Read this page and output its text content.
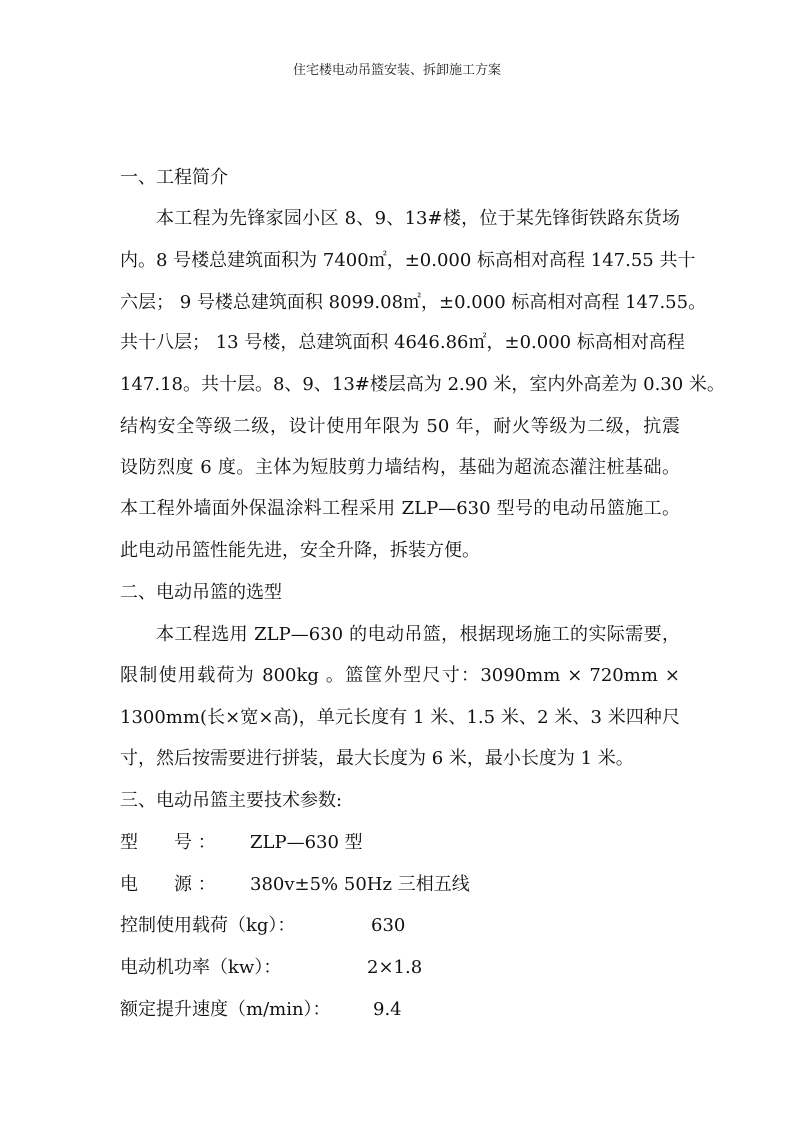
住宅楼电动吊篮安装、拆卸施工方案
一、工程简介
本工程为先锋家园小区 8、9、13#楼，位于某先锋街铁路东货场
内。8 号楼总建筑面积为 7400㎡，±0.000 标高相对高程 147.55 共十
六层； 9 号楼总建筑面积 8099.08㎡，±0.000 标高相对高程 147.55。
共十八层； 13 号楼，总建筑面积 4646.86㎡，±0.000 标高相对高程
147.18。共十层。8、9、13#楼层高为 2.90 米，室内外高差为 0.30 米。
结构安全等级二级，设计使用年限为 50 年，耐火等级为二级，抗震
设防烈度 6 度。主体为短肢剪力墙结构，基础为超流态灌注桩基础。
本工程外墙面外保温涂料工程采用 ZLP—630 型号的电动吊篮施工。
此电动吊篮性能先进，安全升降，拆装方便。
二、电动吊篮的选型
本工程选用 ZLP—630 的电动吊篮，根据现场施工的实际需要，
限制使用载荷为 800kg 。篮筐外型尺寸：3090mm × 720mm ×
1300mm(长×宽×高)，单元长度有 1 米、1.5 米、2 米、3 米四种尺
寸，然后按需要进行拼装，最大长度为 6 米，最小长度为 1 米。
三、电动吊篮主要技术参数:
型　　号 ： ZLP—630 型
电　　源 ： 380v±5% 50Hz 三相五线
控制使用载荷（kg）：	630
电动机功率（kw）：	2×1.8
额定提升速度（m/min）： 9.4
